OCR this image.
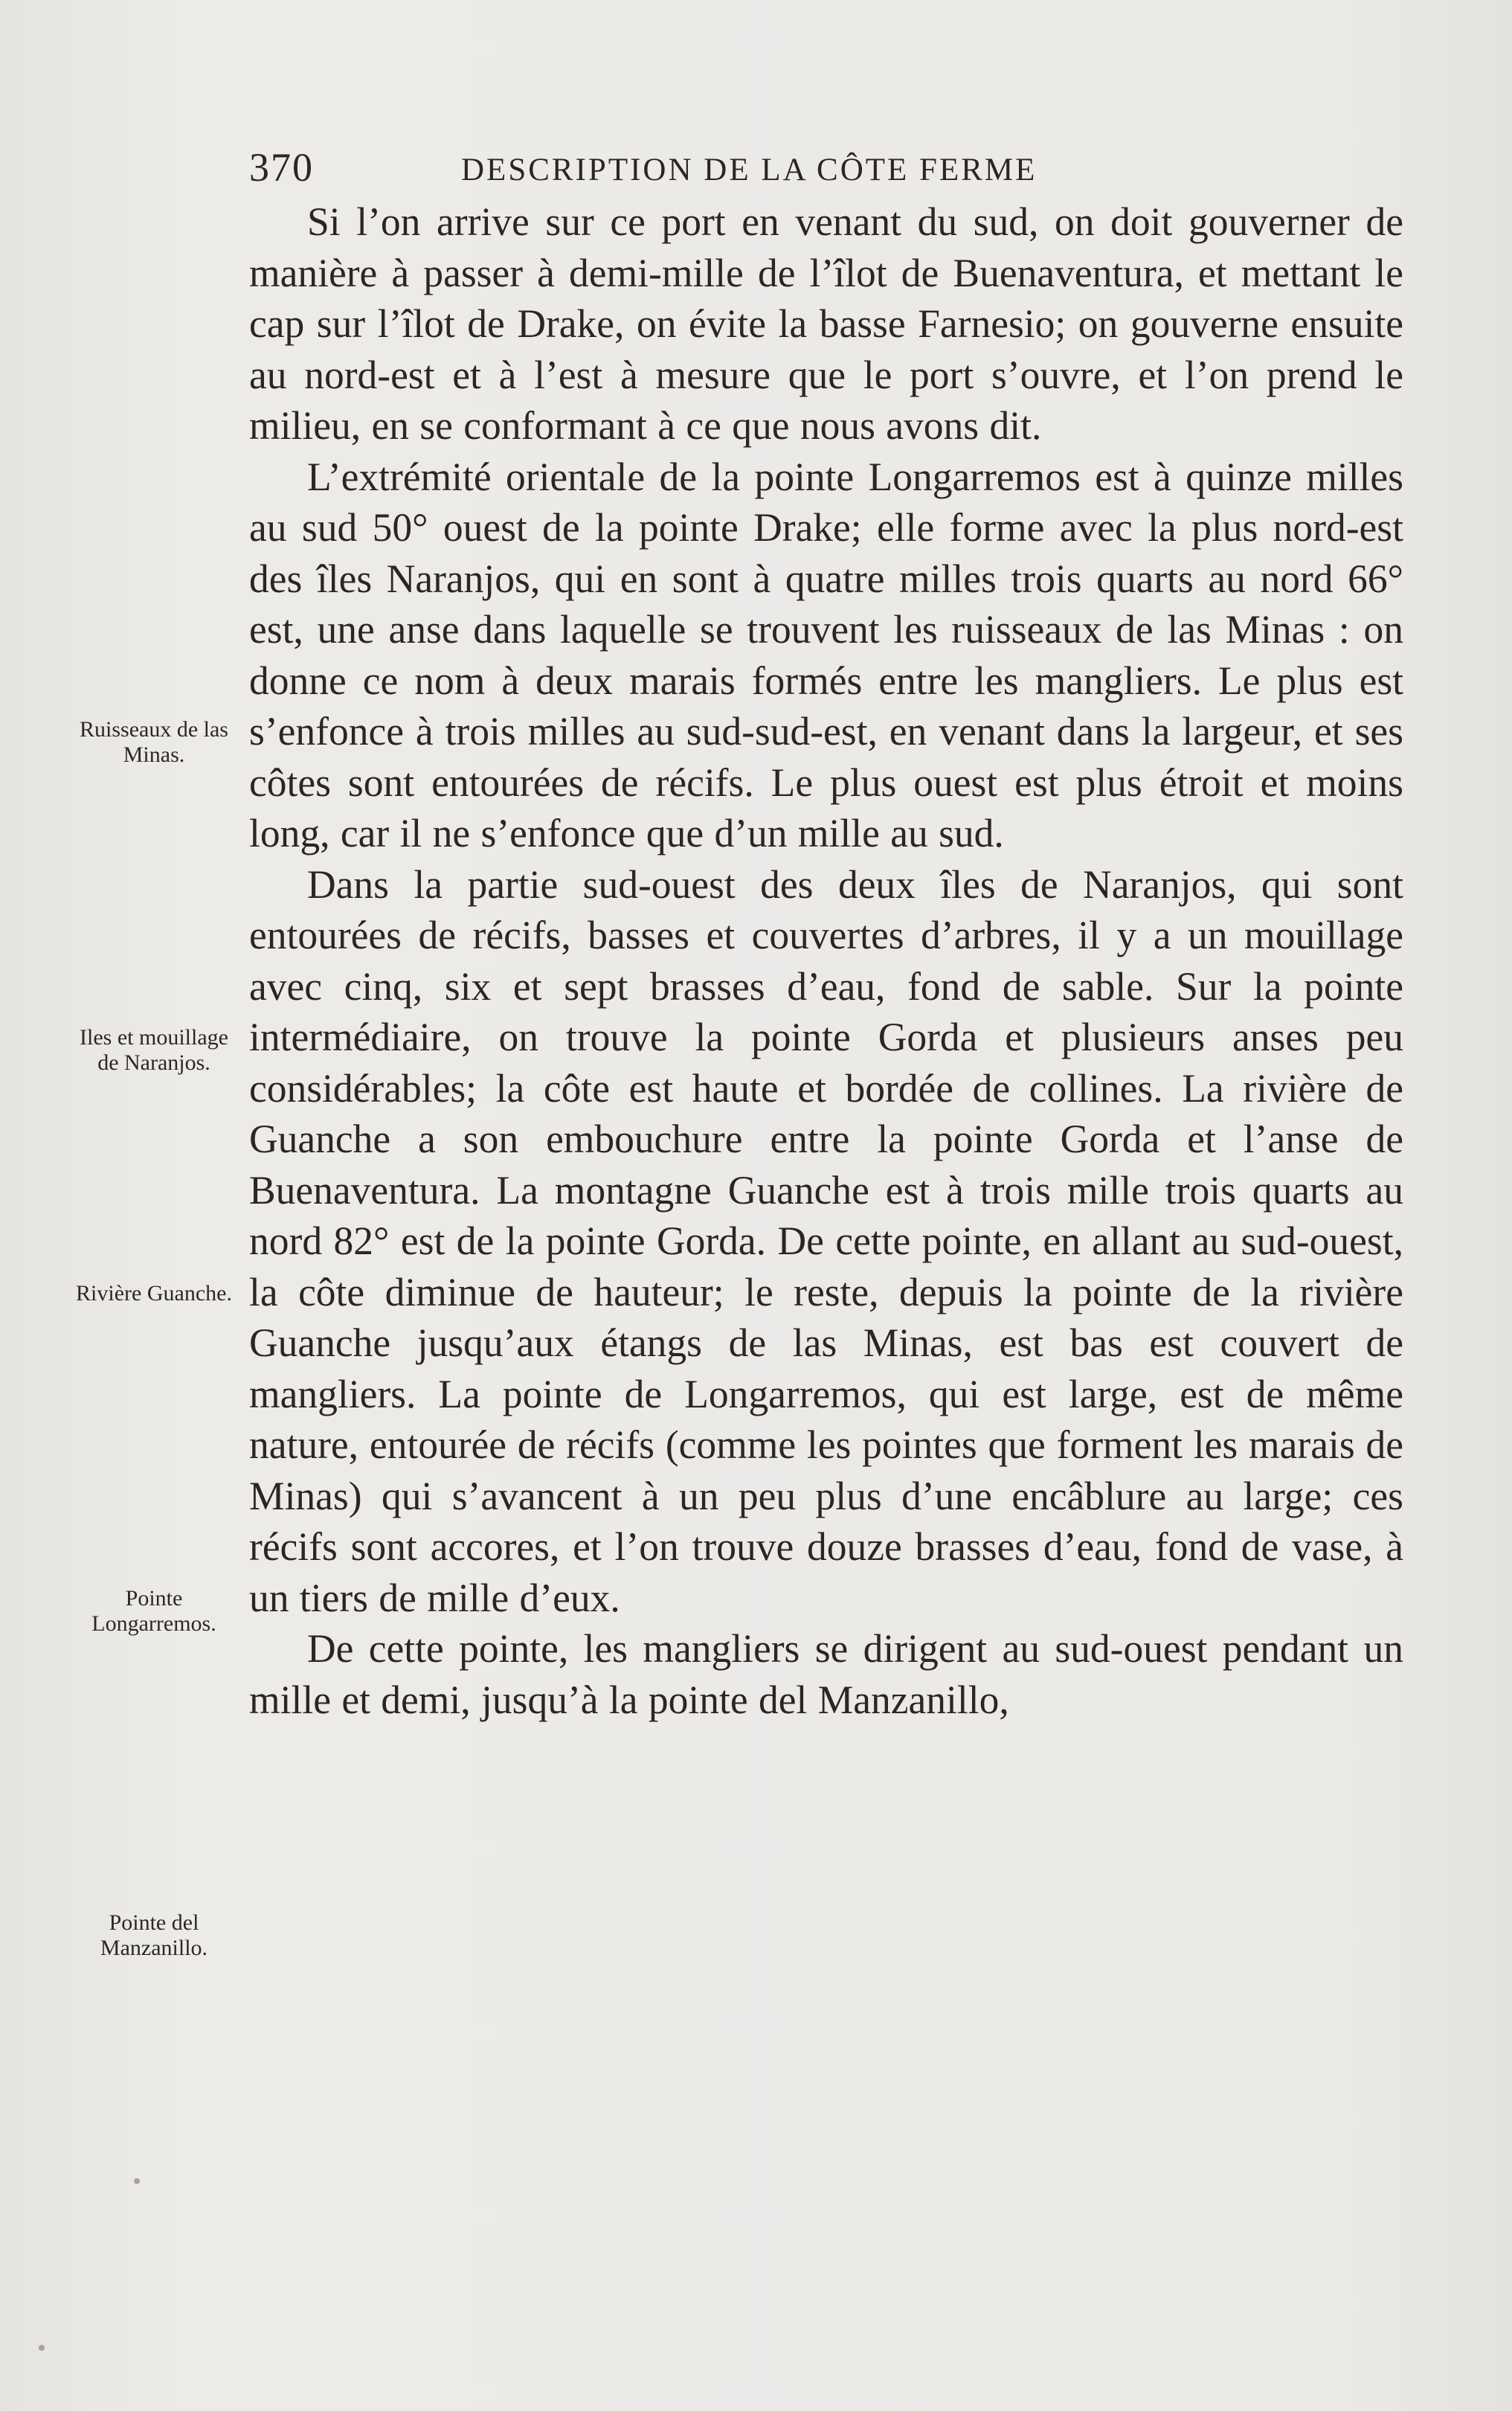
370	DESCRIPTION DE LA CÔTE FERME

Si l’on arrive sur ce port en venant du sud, on doit gouverner de manière à passer à demi-mille de l’îlot de Buenaventura, et mettant le cap sur l’îlot de Drake, on évite la basse Farnesio; on gouverne ensuite au nord-est et à l’est à mesure que le port s’ouvre, et l’on prend le milieu, en se conformant à ce que nous avons dit.

L’extrémité orientale de la pointe Longarremos est à quinze milles au sud 50° ouest de la pointe Drake; elle forme avec la plus nord-est des îles Naranjos, qui en sont à quatre milles trois quarts au nord 66° est, une anse dans laquelle se trouvent les ruisseaux de las Minas : on donne ce nom à deux marais formés entre les mangliers. Le plus est s’enfonce à trois milles au sud-sud-est, en venant dans la largeur, et ses côtes sont entourées de récifs. Le plus ouest est plus étroit et moins long, car il ne s’enfonce que d’un mille au sud.

Dans la partie sud-ouest des deux îles de Naranjos, qui sont entourées de récifs, basses et couvertes d’arbres, il y a un mouillage avec cinq, six et sept brasses d’eau, fond de sable. Sur la pointe intermédiaire, on trouve la pointe Gorda et plusieurs anses peu considérables; la côte est haute et bordée de collines. La rivière de Guanche a son embouchure entre la pointe Gorda et l’anse de Buenaventura. La montagne Guanche est à trois mille trois quarts au nord 82° est de la pointe Gorda. De cette pointe, en allant au sud-ouest, la côte diminue de hauteur; le reste, depuis la pointe de la rivière Guanche jusqu’aux étangs de las Minas, est bas est couvert de mangliers. La pointe de Longarremos, qui est large, est de même nature, entourée de récifs (comme les pointes que forment les marais de Minas) qui s’avancent à un peu plus d’une encâblure au large; ces récifs sont accores, et l’on trouve douze brasses d’eau, fond de vase, à un tiers de mille d’eux.

De cette pointe, les mangliers se dirigent au sud-ouest pendant un mille et demi, jusqu’à la pointe del Manzanillo,

Ruisseaux de las Minas.
Iles et mouillage de Naranjos.
Rivière Guanche.
Pointe Longarremos.
Pointe del Manzanillo.
